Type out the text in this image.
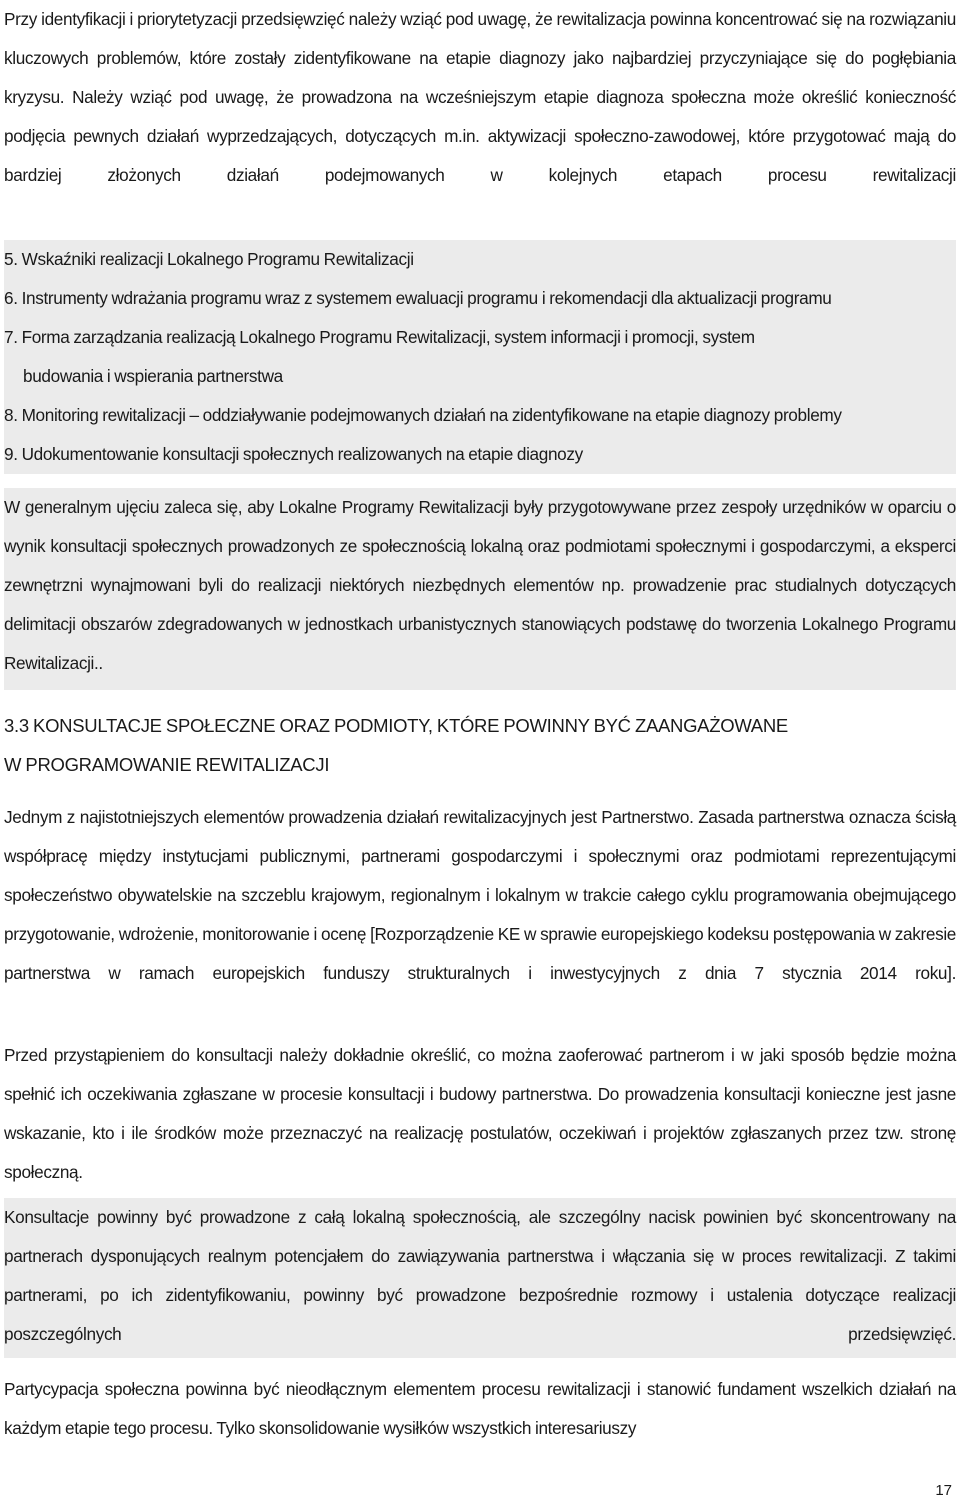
Przy identyfikacji i priorytetyzacji przedsięwzięć należy wziąć pod uwagę, że rewitalizacja powinna koncentrować się na rozwiązaniu kluczowych problemów, które zostały zidentyfikowane na etapie diagnozy jako najbardziej przyczyniające się do pogłębiania kryzysu. Należy wziąć pod uwagę, że prowadzona na wcześniejszym etapie diagnoza społeczna może określić konieczność podjęcia pewnych działań wyprzedzających, dotyczących m.in. aktywizacji społeczno-zawodowej, które przygotować mają do bardziej złożonych działań podejmowanych w kolejnych etapach procesu rewitalizacji
5. Wskaźniki realizacji Lokalnego Programu Rewitalizacji
6. Instrumenty wdrażania programu wraz z systemem ewaluacji programu i rekomendacji dla aktualizacji programu
7. Forma zarządzania realizacją Lokalnego Programu Rewitalizacji, system informacji i promocji, system
budowania i wspierania partnerstwa
8. Monitoring rewitalizacji – oddziaływanie podejmowanych działań na zidentyfikowane na etapie diagnozy problemy
9. Udokumentowanie konsultacji społecznych realizowanych na etapie diagnozy
W generalnym ujęciu zaleca się, aby Lokalne Programy Rewitalizacji były przygotowywane przez zespoły urzędników w oparciu o wynik konsultacji społecznych prowadzonych ze społecznością lokalną oraz podmiotami społecznymi i gospodarczymi, a eksperci zewnętrzni wynajmowani byli do realizacji niektórych niezbędnych elementów np. prowadzenie prac studialnych dotyczących delimitacji obszarów zdegradowanych w jednostkach urbanistycznych stanowiących podstawę do tworzenia Lokalnego Programu Rewitalizacji..
3.3 KONSULTACJE SPOŁECZNE ORAZ PODMIOTY, KTÓRE POWINNY BYĆ ZAANGAŻOWANE
W PROGRAMOWANIE REWITALIZACJI
Jednym z najistotniejszych elementów prowadzenia działań rewitalizacyjnych jest Partnerstwo. Zasada partnerstwa oznacza ścisłą współpracę między instytucjami publicznymi, partnerami gospodarczymi i społecznymi oraz podmiotami reprezentującymi społeczeństwo obywatelskie na szczeblu krajowym, regionalnym i lokalnym w trakcie całego cyklu programowania obejmującego przygotowanie, wdrożenie, monitorowanie i ocenę [Rozporządzenie KE w sprawie europejskiego kodeksu postępowania w zakresie partnerstwa w ramach europejskich funduszy strukturalnych i inwestycyjnych z dnia 7 stycznia 2014 roku].
Przed przystąpieniem do konsultacji należy dokładnie określić, co można zaoferować partnerom i w jaki sposób będzie można spełnić ich oczekiwania zgłaszane w procesie konsultacji i budowy partnerstwa. Do prowadzenia konsultacji konieczne jest jasne wskazanie, kto i ile środków może przeznaczyć na realizację postulatów, oczekiwań i projektów zgłaszanych przez tzw. stronę społeczną.
Konsultacje powinny być prowadzone z całą lokalną społecznością, ale szczególny nacisk powinien być skoncentrowany na partnerach dysponujących realnym potencjałem do zawiązywania partnerstwa i włączania się w proces rewitalizacji. Z takimi partnerami, po ich zidentyfikowaniu, powinny być prowadzone bezpośrednie rozmowy i ustalenia dotyczące realizacji poszczególnych przedsięwzięć.
Partycypacja społeczna powinna być nieodłącznym elementem procesu rewitalizacji i stanowić fundament wszelkich działań na każdym etapie tego procesu. Tylko skonsolidowanie wysiłków wszystkich interesariuszy
17
